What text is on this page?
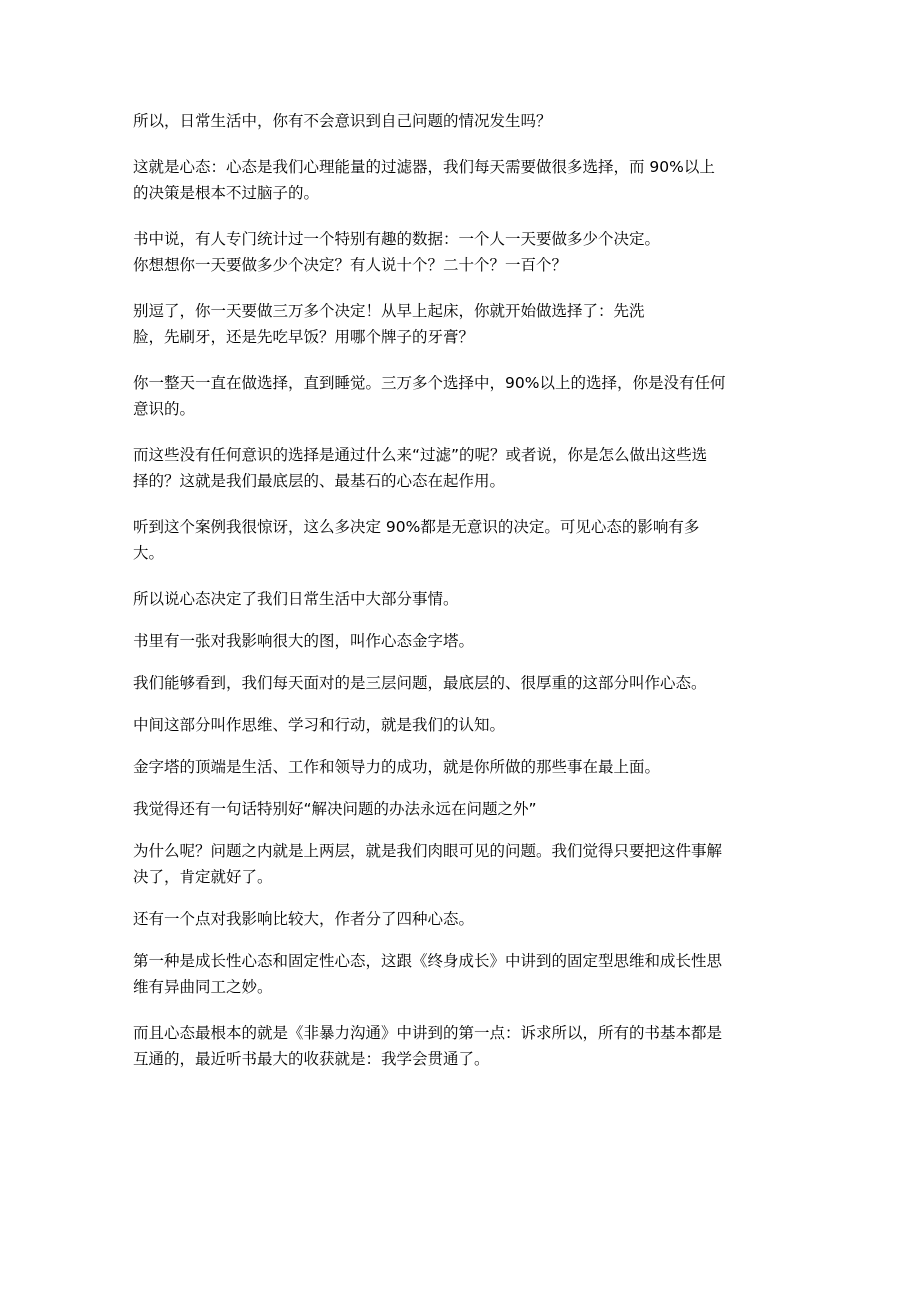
所以，日常生活中，你有不会意识到自己问题的情况发生吗？

这就是心态：心态是我们心理能量的过滤器，我们每天需要做很多选择，而 90%以上
的决策是根本不过脑子的。

书中说，有人专门统计过一个特别有趣的数据：一个人一天要做多少个决定。
你想想你一天要做多少个决定？有人说十个？二十个？一百个？

别逗了，你一天要做三万多个决定！从早上起床，你就开始做选择了：先洗
脸，先刷牙，还是先吃早饭？用哪个牌子的牙膏？

你一整天一直在做选择，直到睡觉。三万多个选择中，90%以上的选择，你是没有任何
意识的。

而这些没有任何意识的选择是通过什么来“过滤”的呢？或者说，你是怎么做出这些选
择的？这就是我们最底层的、最基石的心态在起作用。

听到这个案例我很惊讶，这么多决定 90%都是无意识的决定。可见心态的影响有多
大。

所以说心态决定了我们日常生活中大部分事情。

书里有一张对我影响很大的图，叫作心态金字塔。

我们能够看到，我们每天面对的是三层问题，最底层的、很厚重的这部分叫作心态。

中间这部分叫作思维、学习和行动，就是我们的认知。

金字塔的顶端是生活、工作和领导力的成功，就是你所做的那些事在最上面。

我觉得还有一句话特别好“解决问题的办法永远在问题之外”

为什么呢？问题之内就是上两层，就是我们肉眼可见的问题。我们觉得只要把这件事解
决了，肯定就好了。

还有一个点对我影响比较大，作者分了四种心态。

第一种是成长性心态和固定性心态，这跟《终身成长》中讲到的固定型思维和成长性思
维有异曲同工之妙。

而且心态最根本的就是《非暴力沟通》中讲到的第一点：诉求所以，所有的书基本都是
互通的，最近听书最大的收获就是：我学会贯通了。
